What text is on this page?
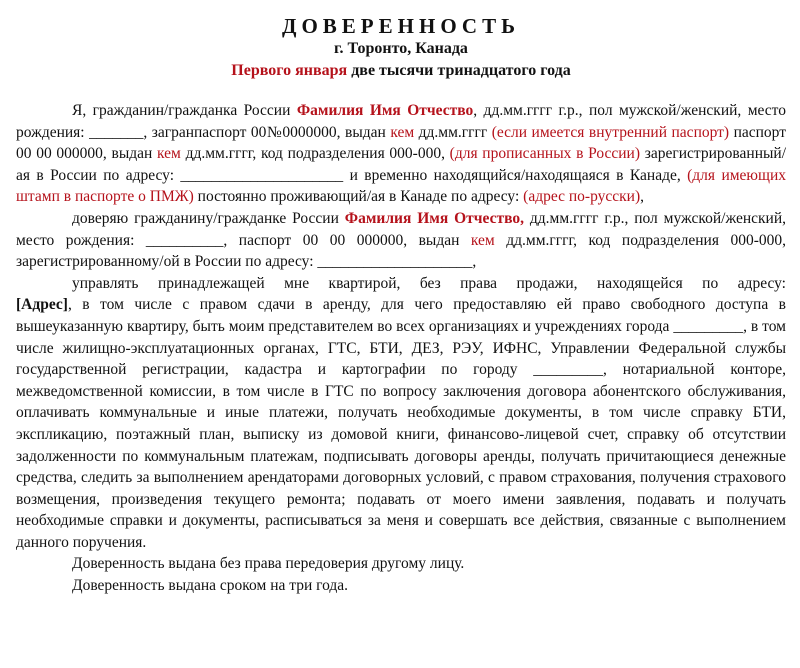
ДОВЕРЕННОСТЬ
г. Торонто, Канада
Первого января две тысячи тринадцатого года

Я, гражданин/гражданка России Фамилия Имя Отчество, дд.мм.гггг г.р., пол мужской/женский, место рождения: _______, загранпаспорт 00№0000000, выдан кем дд.мм.гггг (если имеется внутренний паспорт) паспорт 00 00 000000, выдан кем дд.мм.гггг, код подразделения 000-000, (для прописанных в России) зарегистрированный/ая в России по адресу: _____________________ и временно находящийся/находящаяся в Канаде, (для имеющих штамп в паспорте о ПМЖ) постоянно проживающий/ая в Канаде по адресу: (адрес по-русски),

доверяю гражданину/гражданке России Фамилия Имя Отчество, дд.мм.гггг г.р., пол мужской/женский, место рождения: __________, паспорт 00 00 000000, выдан кем дд.мм.гггг, код подразделения 000-000, зарегистрированному/ой в России по адресу: ____________________,

управлять принадлежащей мне квартирой, без права продажи, находящейся по адресу:

[Адрес], в том числе с правом сдачи в аренду, для чего предоставляю ей право свободного доступа в вышеуказанную квартиру, быть моим представителем во всех организациях и учреждениях города _________, в том числе жилищно-эксплуатационных органах, ГТС, БТИ, ДЕЗ, РЭУ, ИФНС, Управлении Федеральной службы государственной регистрации, кадастра и картографии по городу _________, нотариальной конторе, межведомственной комиссии, в том числе в ГТС по вопросу заключения договора абонентского обслуживания, оплачивать коммунальные и иные платежи, получать необходимые документы, в том числе справку БТИ, экспликацию, поэтажный план, выписку из домовой книги, финансово-лицевой счет, справку об отсутствии задолженности по коммунальным платежам, подписывать договоры аренды, получать причитающиеся денежные средства, следить за выполнением арендаторами договорных условий, с правом страхования, получения страхового возмещения, произведения текущего ремонта; подавать от моего имени заявления, подавать и получать необходимые справки и документы, расписываться за меня и совершать все действия, связанные с выполнением данного поручения.

Доверенность выдана без права передоверия другому лицу.

Доверенность выдана сроком на три года.
